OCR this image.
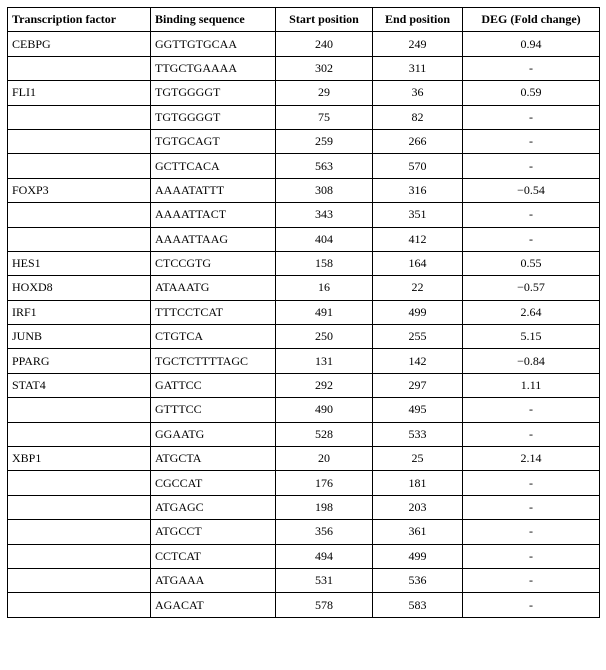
Transcription factor	Binding sequence	Start position	End position	DEG (Fold change)
CEBPG	GGTTGTGCAA	240	249	0.94
	TTGCTGAAAA	302	311	-
FLI1	TGTGGGGT	29	36	0.59
	TGTGGGGT	75	82	-
	TGTGCAGT	259	266	-
	GCTTCACA	563	570	-
FOXP3	AAAATATTT	308	316	−0.54
	AAAATTACT	343	351	-
	AAAATTAAG	404	412	-
HES1	CTCCGTG	158	164	0.55
HOXD8	ATAAATG	16	22	−0.57
IRF1	TTTCCTCAT	491	499	2.64
JUNB	CTGTCA	250	255	5.15
PPARG	TGCTCTTTTAGC	131	142	−0.84
STAT4	GATTCC	292	297	1.11
	GTTTCC	490	495	-
	GGAATG	528	533	-
XBP1	ATGCTA	20	25	2.14
	CGCCAT	176	181	-
	ATGAGC	198	203	-
	ATGCCT	356	361	-
	CCTCAT	494	499	-
	ATGAAA	531	536	-
	AGACAT	578	583	-
